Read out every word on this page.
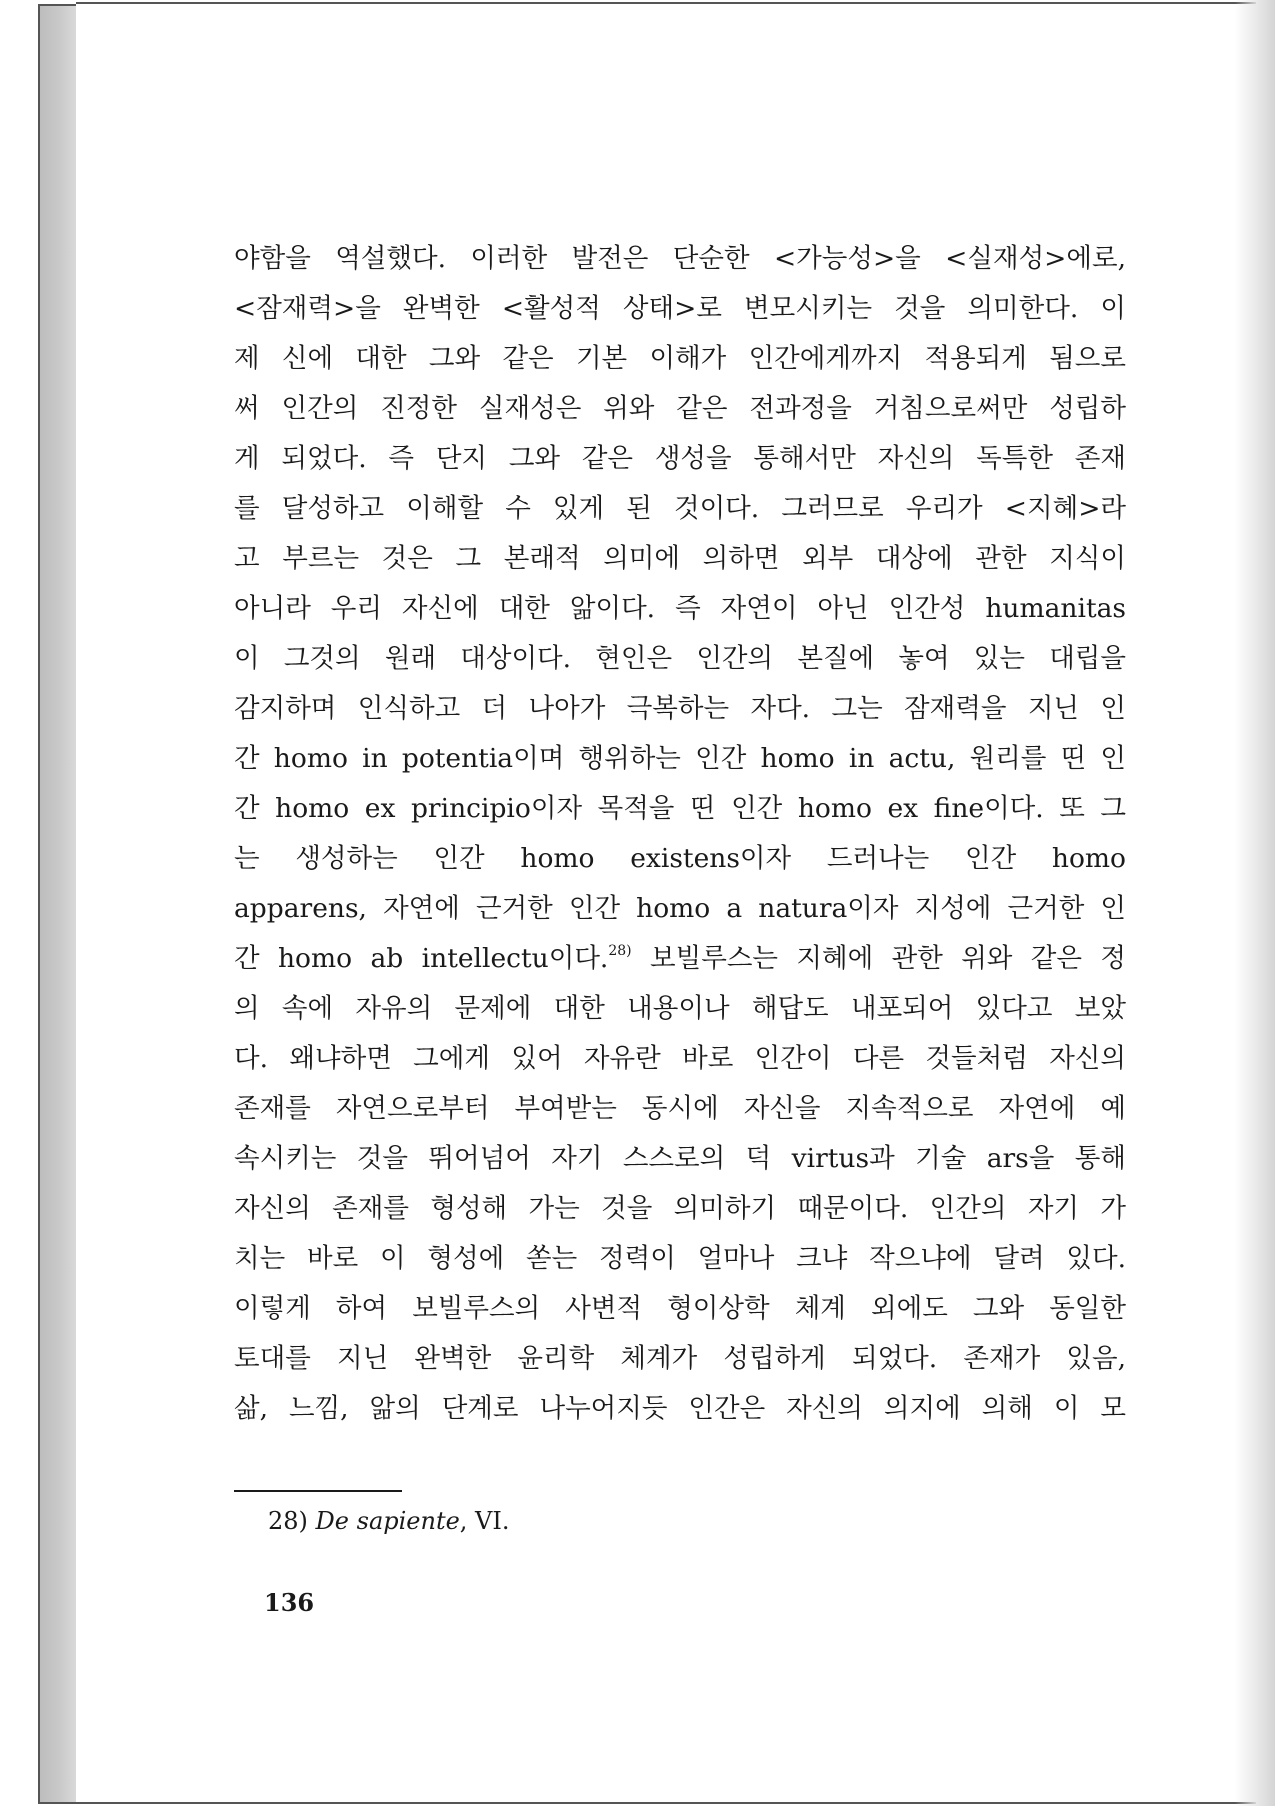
야함을 역설했다. 이러한 발전은 단순한 <가능성>을 <실재성>에로,
<잠재력>을 완벽한 <활성적 상태>로 변모시키는 것을 의미한다. 이
제 신에 대한 그와 같은 기본 이해가 인간에게까지 적용되게 됨으로
써 인간의 진정한 실재성은 위와 같은 전과정을 거침으로써만 성립하
게 되었다. 즉 단지 그와 같은 생성을 통해서만 자신의 독특한 존재
를 달성하고 이해할 수 있게 된 것이다. 그러므로 우리가 <지혜>라
고 부르는 것은 그 본래적 의미에 의하면 외부 대상에 관한 지식이
아니라 우리 자신에 대한 앎이다. 즉 자연이 아닌 인간성 humanitas
이 그것의 원래 대상이다. 현인은 인간의 본질에 놓여 있는 대립을
감지하며 인식하고 더 나아가 극복하는 자다. 그는 잠재력을 지닌 인
간 homo in potentia이며 행위하는 인간 homo in actu, 원리를 띤 인
간 homo ex principio이자 목적을 띤 인간 homo ex fine이다. 또 그
는 생성하는 인간 homo existens이자 드러나는 인간 homo
apparens, 자연에 근거한 인간 homo a natura이자 지성에 근거한 인
간 homo ab intellectu이다.$^{28)}$ 보빌루스는 지혜에 관한 위와 같은 정
의 속에 자유의 문제에 대한 내용이나 해답도 내포되어 있다고 보았
다. 왜냐하면 그에게 있어 자유란 바로 인간이 다른 것들처럼 자신의
존재를 자연으로부터 부여받는 동시에 자신을 지속적으로 자연에 예
속시키는 것을 뛰어넘어 자기 스스로의 덕 virtus과 기술 ars을 통해
자신의 존재를 형성해 가는 것을 의미하기 때문이다. 인간의 자기 가
치는 바로 이 형성에 쏟는 정력이 얼마나 크냐 작으냐에 달려 있다.
이렇게 하여 보빌루스의 사변적 형이상학 체계 외에도 그와 동일한
토대를 지닌 완벽한 윤리학 체계가 성립하게 되었다. 존재가 있음,
삶, 느낌, 앎의 단계로 나누어지듯 인간은 자신의 의지에 의해 이 모
28) De sapiente, VI.
136
